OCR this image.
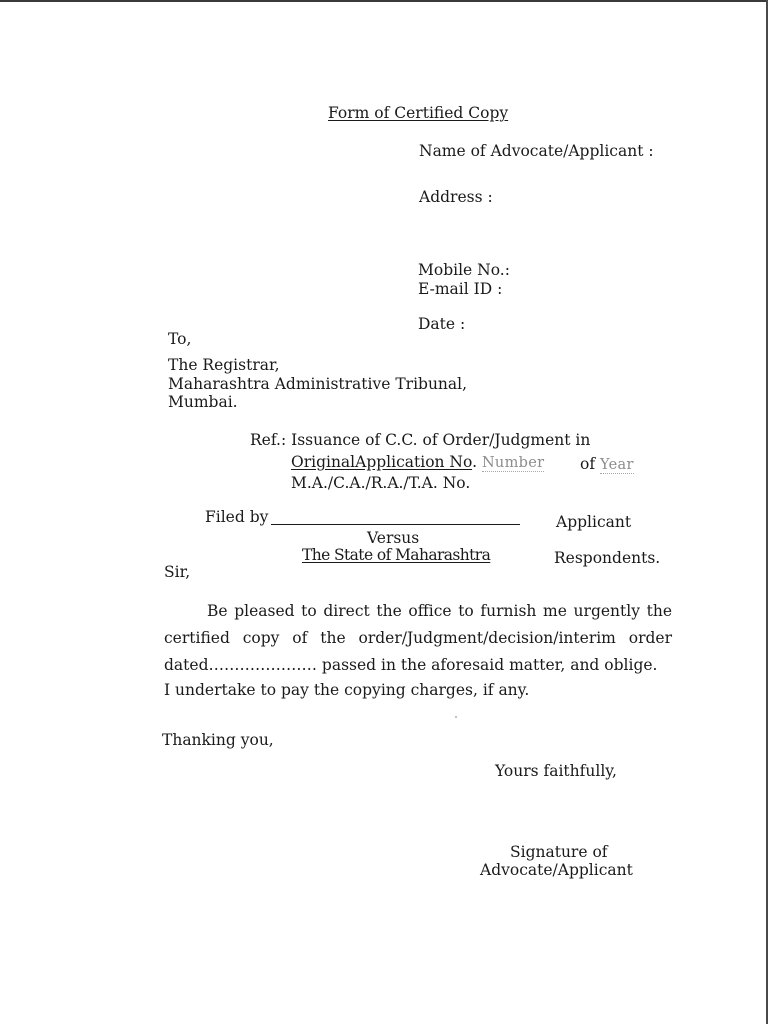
Form of Certified Copy
Name of Advocate/Applicant :
Address :
Mobile No.:
E-mail ID :
Date :
To,
The Registrar,
Maharashtra Administrative Tribunal,
Mumbai.
Ref.: Issuance of C.C. of Order/Judgment in
OriginalApplication No. Number of Year
M.A./C.A./R.A./T.A. No.
Filed by	Applicant
Versus
The State of Maharashtra	Respondents.
Sir,
Be pleased to direct the office to furnish me urgently the
certified copy of the order/Judgment/decision/interim order
dated………………… passed in the aforesaid matter, and oblige.
I undertake to pay the copying charges, if any.
Thanking you,
Yours faithfully,
Signature of
Advocate/Applicant
